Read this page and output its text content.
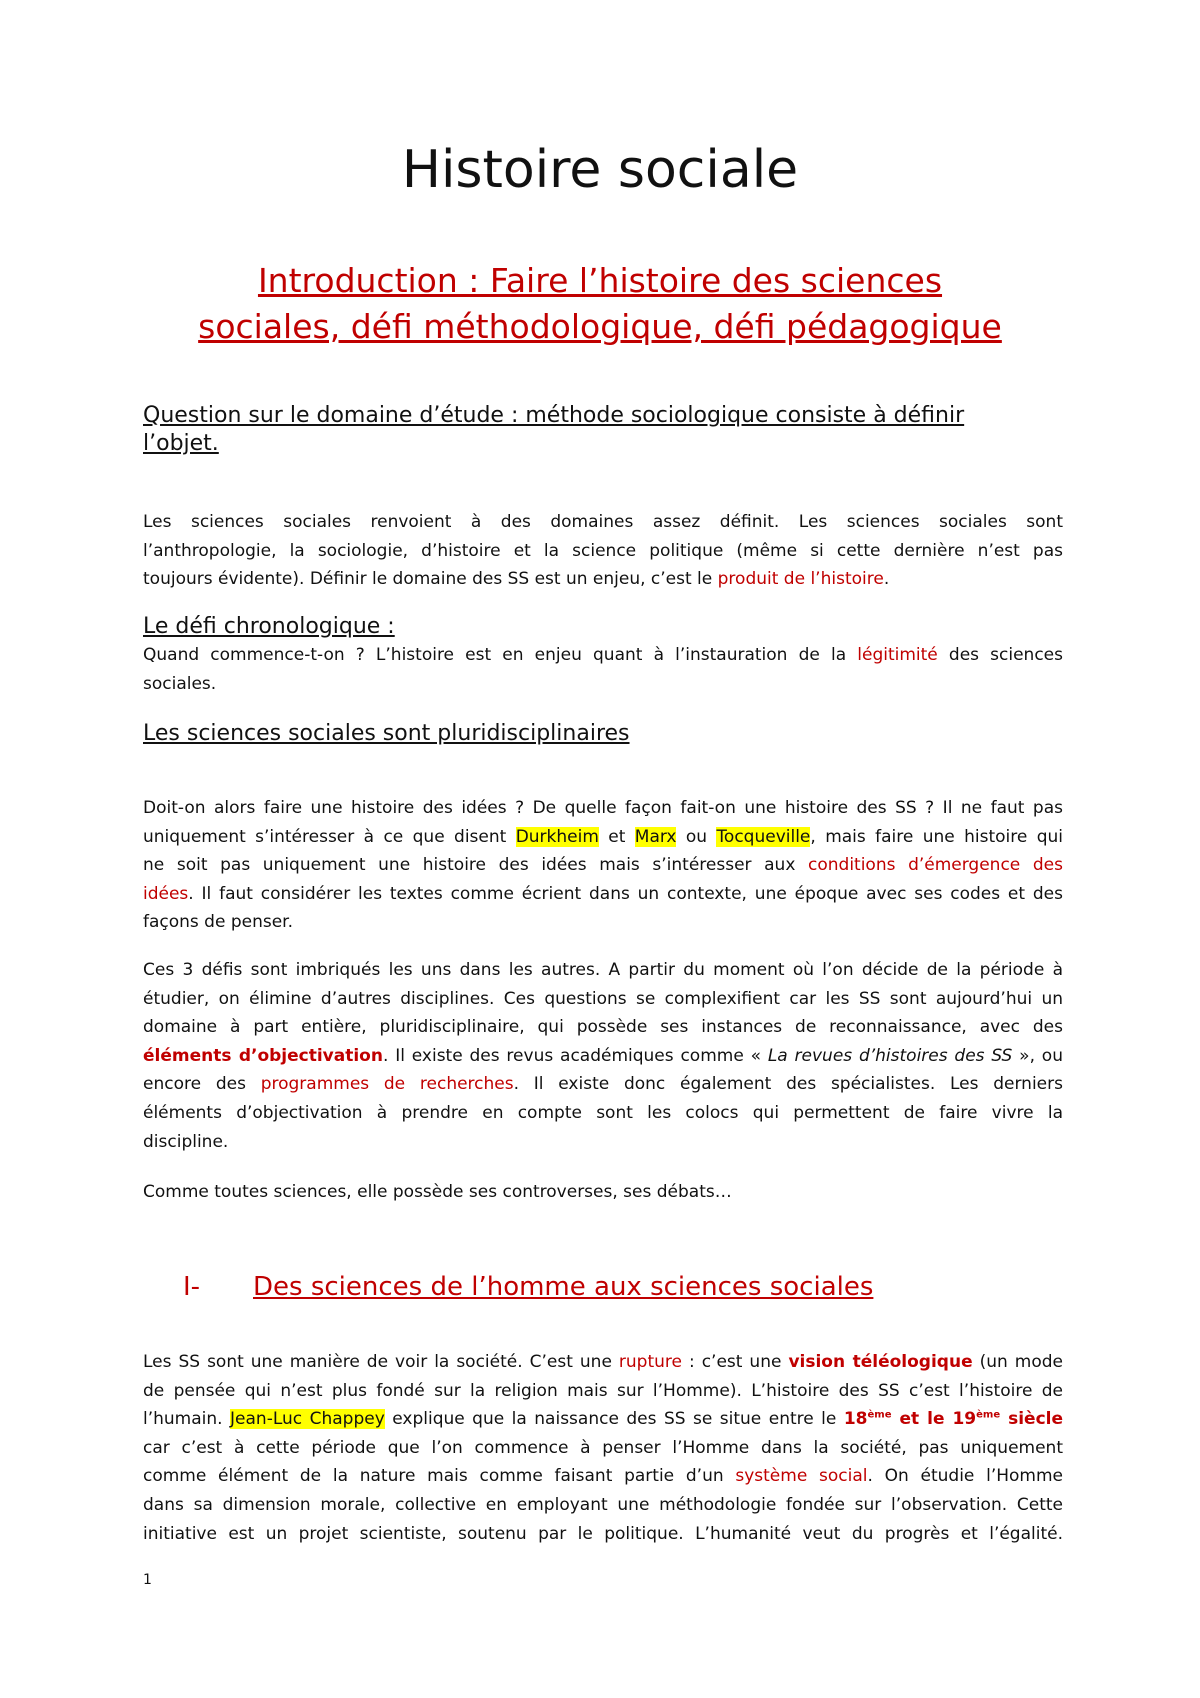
Histoire sociale
Introduction : Faire l’histoire des sciences
sociales, défi méthodologique, défi pédagogique
Question sur le domaine d’étude : méthode sociologique consiste à définir
l’objet.
Les sciences sociales renvoient à des domaines assez définit. Les sciences sociales sont
l’anthropologie, la sociologie, d’histoire et la science politique (même si cette dernière n’est pas
toujours évidente). Définir le domaine des SS est un enjeu, c’est le produit de l’histoire.
Le défi chronologique :
Quand commence-t-on ? L’histoire est en enjeu quant à l’instauration de la légitimité des sciences
sociales.
Les sciences sociales sont pluridisciplinaires
Doit-on alors faire une histoire des idées ? De quelle façon fait-on une histoire des SS ? Il ne faut pas
uniquement s’intéresser à ce que disent Durkheim et Marx ou Tocqueville, mais faire une histoire qui
ne soit pas uniquement une histoire des idées mais s’intéresser aux conditions d’émergence des
idées. Il faut considérer les textes comme écrient dans un contexte, une époque avec ses codes et des
façons de penser.
Ces 3 défis sont imbriqués les uns dans les autres. A partir du moment où l’on décide de la période à
étudier, on élimine d’autres disciplines. Ces questions se complexifient car les SS sont aujourd’hui un
domaine à part entière, pluridisciplinaire, qui possède ses instances de reconnaissance, avec des
éléments d’objectivation. Il existe des revus académiques comme « La revues d’histoires des SS », ou
encore des programmes de recherches. Il existe donc également des spécialistes. Les derniers
éléments d’objectivation à prendre en compte sont les colocs qui permettent de faire vivre la
discipline.
Comme toutes sciences, elle possède ses controverses, ses débats…
I- Des sciences de l’homme aux sciences sociales
Les SS sont une manière de voir la société. C’est une rupture : c’est une vision téléologique (un mode
de pensée qui n’est plus fondé sur la religion mais sur l’Homme). L’histoire des SS c’est l’histoire de
l’humain. Jean-Luc Chappey explique que la naissance des SS se situe entre le 18ème et le 19ème siècle
car c’est à cette période que l’on commence à penser l’Homme dans la société, pas uniquement
comme élément de la nature mais comme faisant partie d’un système social. On étudie l’Homme
dans sa dimension morale, collective en employant une méthodologie fondée sur l’observation. Cette
initiative est un projet scientiste, soutenu par le politique. L’humanité veut du progrès et l’égalité.
1
